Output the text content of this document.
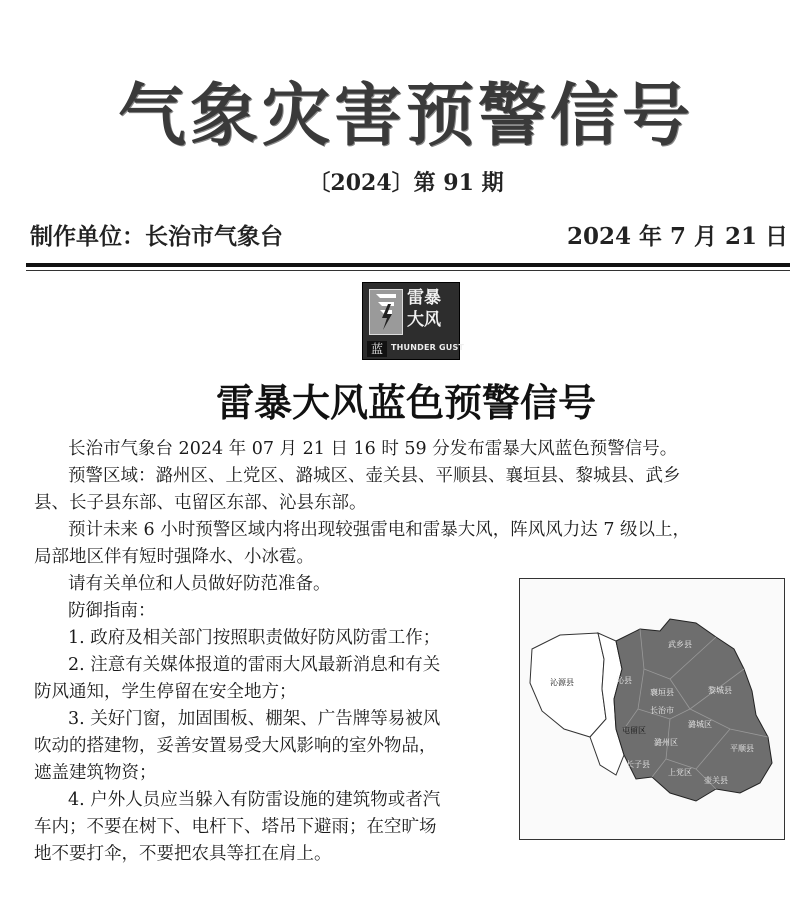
气象灾害预警信号
〔2024〕第 91 期
制作单位：长治市气象台	2024 年 7 月 21 日
雷暴
大风
蓝	THUNDER GUST
雷暴大风蓝色预警信号
长治市气象台 2024 年 07 月 21 日 16 时 59 分发布雷暴大风蓝色预警信号。
预警区域：潞州区、上党区、潞城区、壶关县、平顺县、襄垣县、黎城县、武乡
县、长子县东部、屯留区东部、沁县东部。
预计未来 6 小时预警区域内将出现较强雷电和雷暴大风，阵风风力达 7 级以上，
局部地区伴有短时强降水、小冰雹。
请有关单位和人员做好防范准备。
防御指南：
1. 政府及相关部门按照职责做好防风防雷工作；
2. 注意有关媒体报道的雷雨大风最新消息和有关
防风通知，学生停留在安全地方；
3. 关好门窗，加固围板、棚架、广告牌等易被风
吹动的搭建物，妥善安置易受大风影响的室外物品，
遮盖建筑物资；
4. 户外人员应当躲入有防雷设施的建筑物或者汽
车内；不要在树下、电杆下、塔吊下避雨；在空旷场
地不要打伞，不要把农具等扛在肩上。
沁源县	沁县
武乡县
襄垣县	黎城县
长治市
屯留区
潞城区
潞州区
平顺县
长子县
上党区
壶关县
